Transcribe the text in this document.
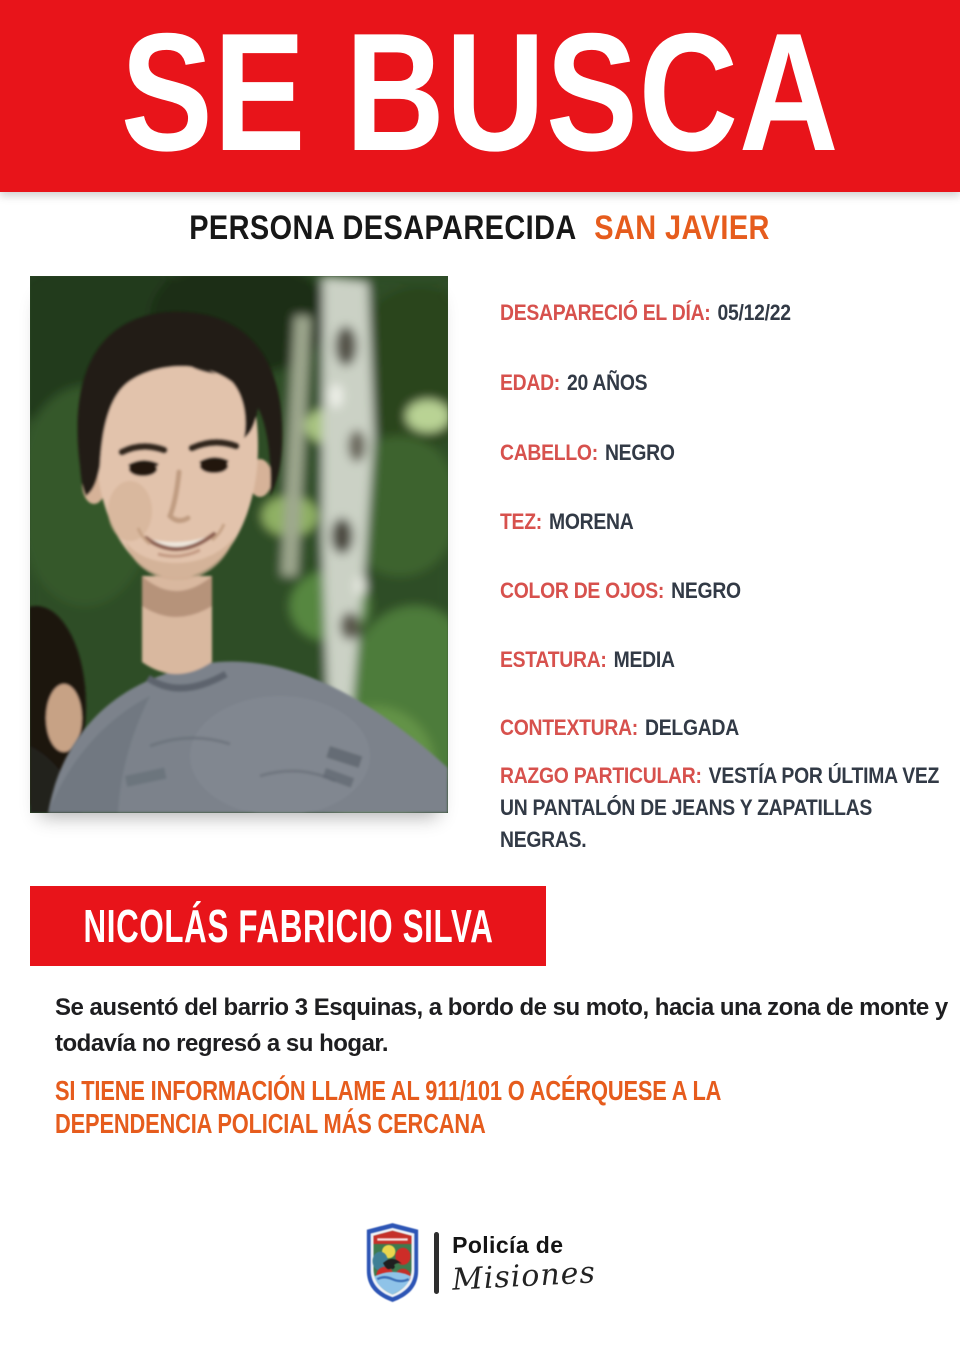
SE BUSCA
PERSONA DESAPARECIDA SAN JAVIER
DESAPARECIÓ EL DÍA: 05/12/22
EDAD: 20 AÑOS
CABELLO: NEGRO
TEZ: MORENA
COLOR DE OJOS: NEGRO
ESTATURA: MEDIA
CONTEXTURA: DELGADA
RAZGO PARTICULAR: VESTÍA POR ÚLTIMA VEZ UN PANTALÓN DE JEANS Y ZAPATILLAS NEGRAS.
NICOLÁS FABRICIO SILVA

Se ausentó del barrio 3 Esquinas, a bordo de su moto, hacia una zona de monte y todavía no regresó a su hogar.

SI TIENE INFORMACIÓN LLAME AL 911/101 O ACÉRQUESE A LA DEPENDENCIA POLICIAL MÁS CERCANA

Policía de
Misiones
